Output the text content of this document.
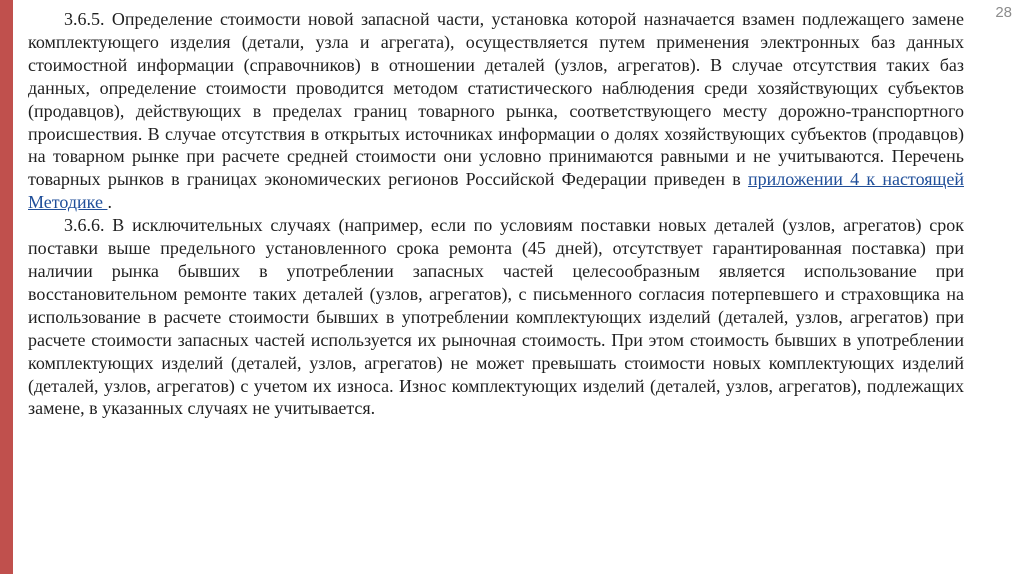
28

3.6.5. Определение стоимости новой запасной части, установка которой назначается взамен подлежащего замене комплектующего изделия (детали, узла и агрегата), осуществляется путем применения электронных баз данных стоимостной информации (справочников) в отношении деталей (узлов, агрегатов). В случае отсутствия таких баз данных, определение стоимости проводится методом статистического наблюдения среди хозяйствующих субъектов (продавцов), действующих в пределах границ товарного рынка, соответствующего месту дорожно-транспортного происшествия. В случае отсутствия в открытых источниках информации о долях хозяйствующих субъектов (продавцов) на товарном рынке при расчете средней стоимости они условно принимаются равными и не учитываются. Перечень товарных рынков в границах экономических регионов Российской Федерации приведен в приложении 4 к настоящей Методике .

3.6.6. В исключительных случаях (например, если по условиям поставки новых деталей (узлов, агрегатов) срок поставки выше предельного установленного срока ремонта (45 дней), отсутствует гарантированная поставка) при наличии рынка бывших в употреблении запасных частей целесообразным является использование при восстановительном ремонте таких деталей (узлов, агрегатов), с письменного согласия потерпевшего и страховщика на использование в расчете стоимости бывших в употреблении комплектующих изделий (деталей, узлов, агрегатов) при расчете стоимости запасных частей используется их рыночная стоимость. При этом стоимость бывших в употреблении комплектующих изделий (деталей, узлов, агрегатов) не может превышать стоимости новых комплектующих изделий (деталей, узлов, агрегатов) с учетом их износа. Износ комплектующих изделий (деталей, узлов, агрегатов), подлежащих замене, в указанных случаях не учитывается.
